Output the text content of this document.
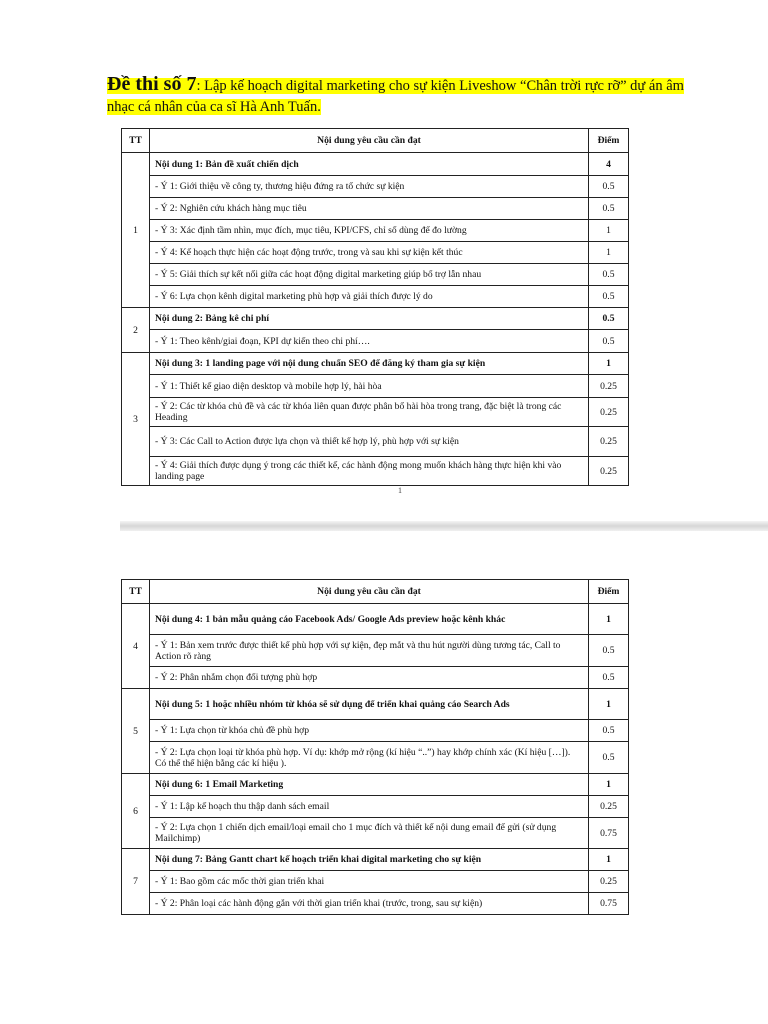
Đề thi số 7: Lập kế hoạch digital marketing cho sự kiện Liveshow “Chân trời rực rỡ” dự án âm nhạc cá nhân của ca sĩ Hà Anh Tuấn.
TT	Nội dung yêu cầu cần đạt	Điểm
1	Nội dung 1: Bản đề xuất chiến dịch	4
	- Ý 1: Giới thiệu về công ty, thương hiệu đứng ra tổ chức sự kiện	0.5
	- Ý 2: Nghiên cứu khách hàng mục tiêu	0.5
	- Ý 3: Xác định tầm nhìn, mục đích, mục tiêu, KPI/CFS, chỉ số dùng để đo lường	1
	- Ý 4: Kế hoạch thực hiện các hoạt động trước, trong và sau khi sự kiện kết thúc	1
	- Ý 5: Giải thích sự kết nối giữa các hoạt động digital marketing giúp bổ trợ lẫn nhau	0.5
	- Ý 6: Lựa chọn kênh digital marketing phù hợp và giải thích được lý do	0.5
2	Nội dung 2: Bảng kê chi phí	0.5
	- Ý 1: Theo kênh/giai đoạn, KPI dự kiến theo chi phí….	0.5
3	Nội dung 3: 1 landing page với nội dung chuẩn SEO để đăng ký tham gia sự kiện	1
	- Ý 1: Thiết kế giao diện desktop và mobile hợp lý, hài hòa	0.25
	- Ý 2: Các từ khóa chủ đề và các từ khóa liên quan được phân bổ hài hòa trong trang, đặc biệt là trong các Heading	0.25
	- Ý 3: Các Call to Action được lựa chọn và thiết kế hợp lý, phù hợp với sự kiện	0.25
	- Ý 4: Giải thích được dụng ý trong các thiết kế, các hành động mong muốn khách hàng thực hiện khi vào landing page	0.25
1
TT	Nội dung yêu cầu cần đạt	Điểm
4	Nội dung 4: 1 bản mẫu quảng cáo Facebook Ads/ Google Ads preview hoặc kênh khác	1
	- Ý 1: Bản xem trước được thiết kế phù hợp với sự kiện, đẹp mắt và thu hút người dùng tương tác, Call to Action rõ ràng	0.5
	- Ý 2: Phân nhắm chọn đối tượng phù hợp	0.5
5	Nội dung 5: 1 hoặc nhiều nhóm từ khóa sẽ sử dụng để triển khai quảng cáo Search Ads	1
	- Ý 1: Lựa chọn từ khóa chủ đề phù hợp	0.5
	- Ý 2: Lựa chọn loại từ khóa phù hợp. Ví dụ: khớp mở rộng (kí hiệu “..”) hay khớp chính xác (Kí hiệu […]). Có thể thể hiện bằng các kí hiệu ).	0.5
6	Nội dung 6: 1 Email Marketing	1
	- Ý 1: Lập kế hoạch thu thập danh sách email	0.25
	- Ý 2: Lựa chọn 1 chiến dịch email/loại email cho 1 mục đích và thiết kế nội dung email để gửi (sử dụng Mailchimp)	0.75
7	Nội dung 7: Bảng Gantt chart kế hoạch triển khai digital marketing cho sự kiện	1
	- Ý 1: Bao gồm các mốc thời gian triển khai	0.25
	- Ý 2: Phân loại các hành động gắn với thời gian triển khai (trước, trong, sau sự kiện)	0.75
